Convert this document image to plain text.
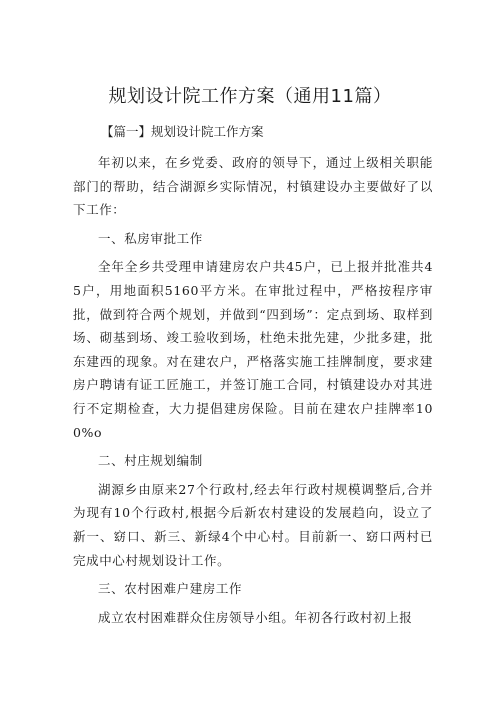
规划设计院工作方案（通用11篇）
【篇一】规划设计院工作方案

年初以来，在乡党委、政府的领导下，通过上级相关职能部门的帮助，结合湖源乡实际情况，村镇建设办主要做好了以下工作：

一、私房审批工作

全年全乡共受理申请建房农户共45户，已上报并批准共45户，用地面积5160平方米。在审批过程中，严格按程序审批，做到符合两个规划，并做到“四到场”：定点到场、取样到场、砌基到场、竣工验收到场，杜绝未批先建，少批多建，批东建西的现象。对在建农户，严格落实施工挂牌制度，要求建房户聘请有证工匠施工，并签订施工合同，村镇建设办对其进行不定期检查，大力提倡建房保险。目前在建农户挂牌率100%o

二、村庄规划编制

湖源乡由原来27个行政村,经去年行政村规模调整后,合并为现有10个行政村,根据今后新农村建设的发展趋向，设立了新一、窈口、新三、新绿4个中心村。目前新一、窈口两村已完成中心村规划设计工作。

三、农村困难户建房工作

成立农村困难群众住房领导小组。年初各行政村初上报
